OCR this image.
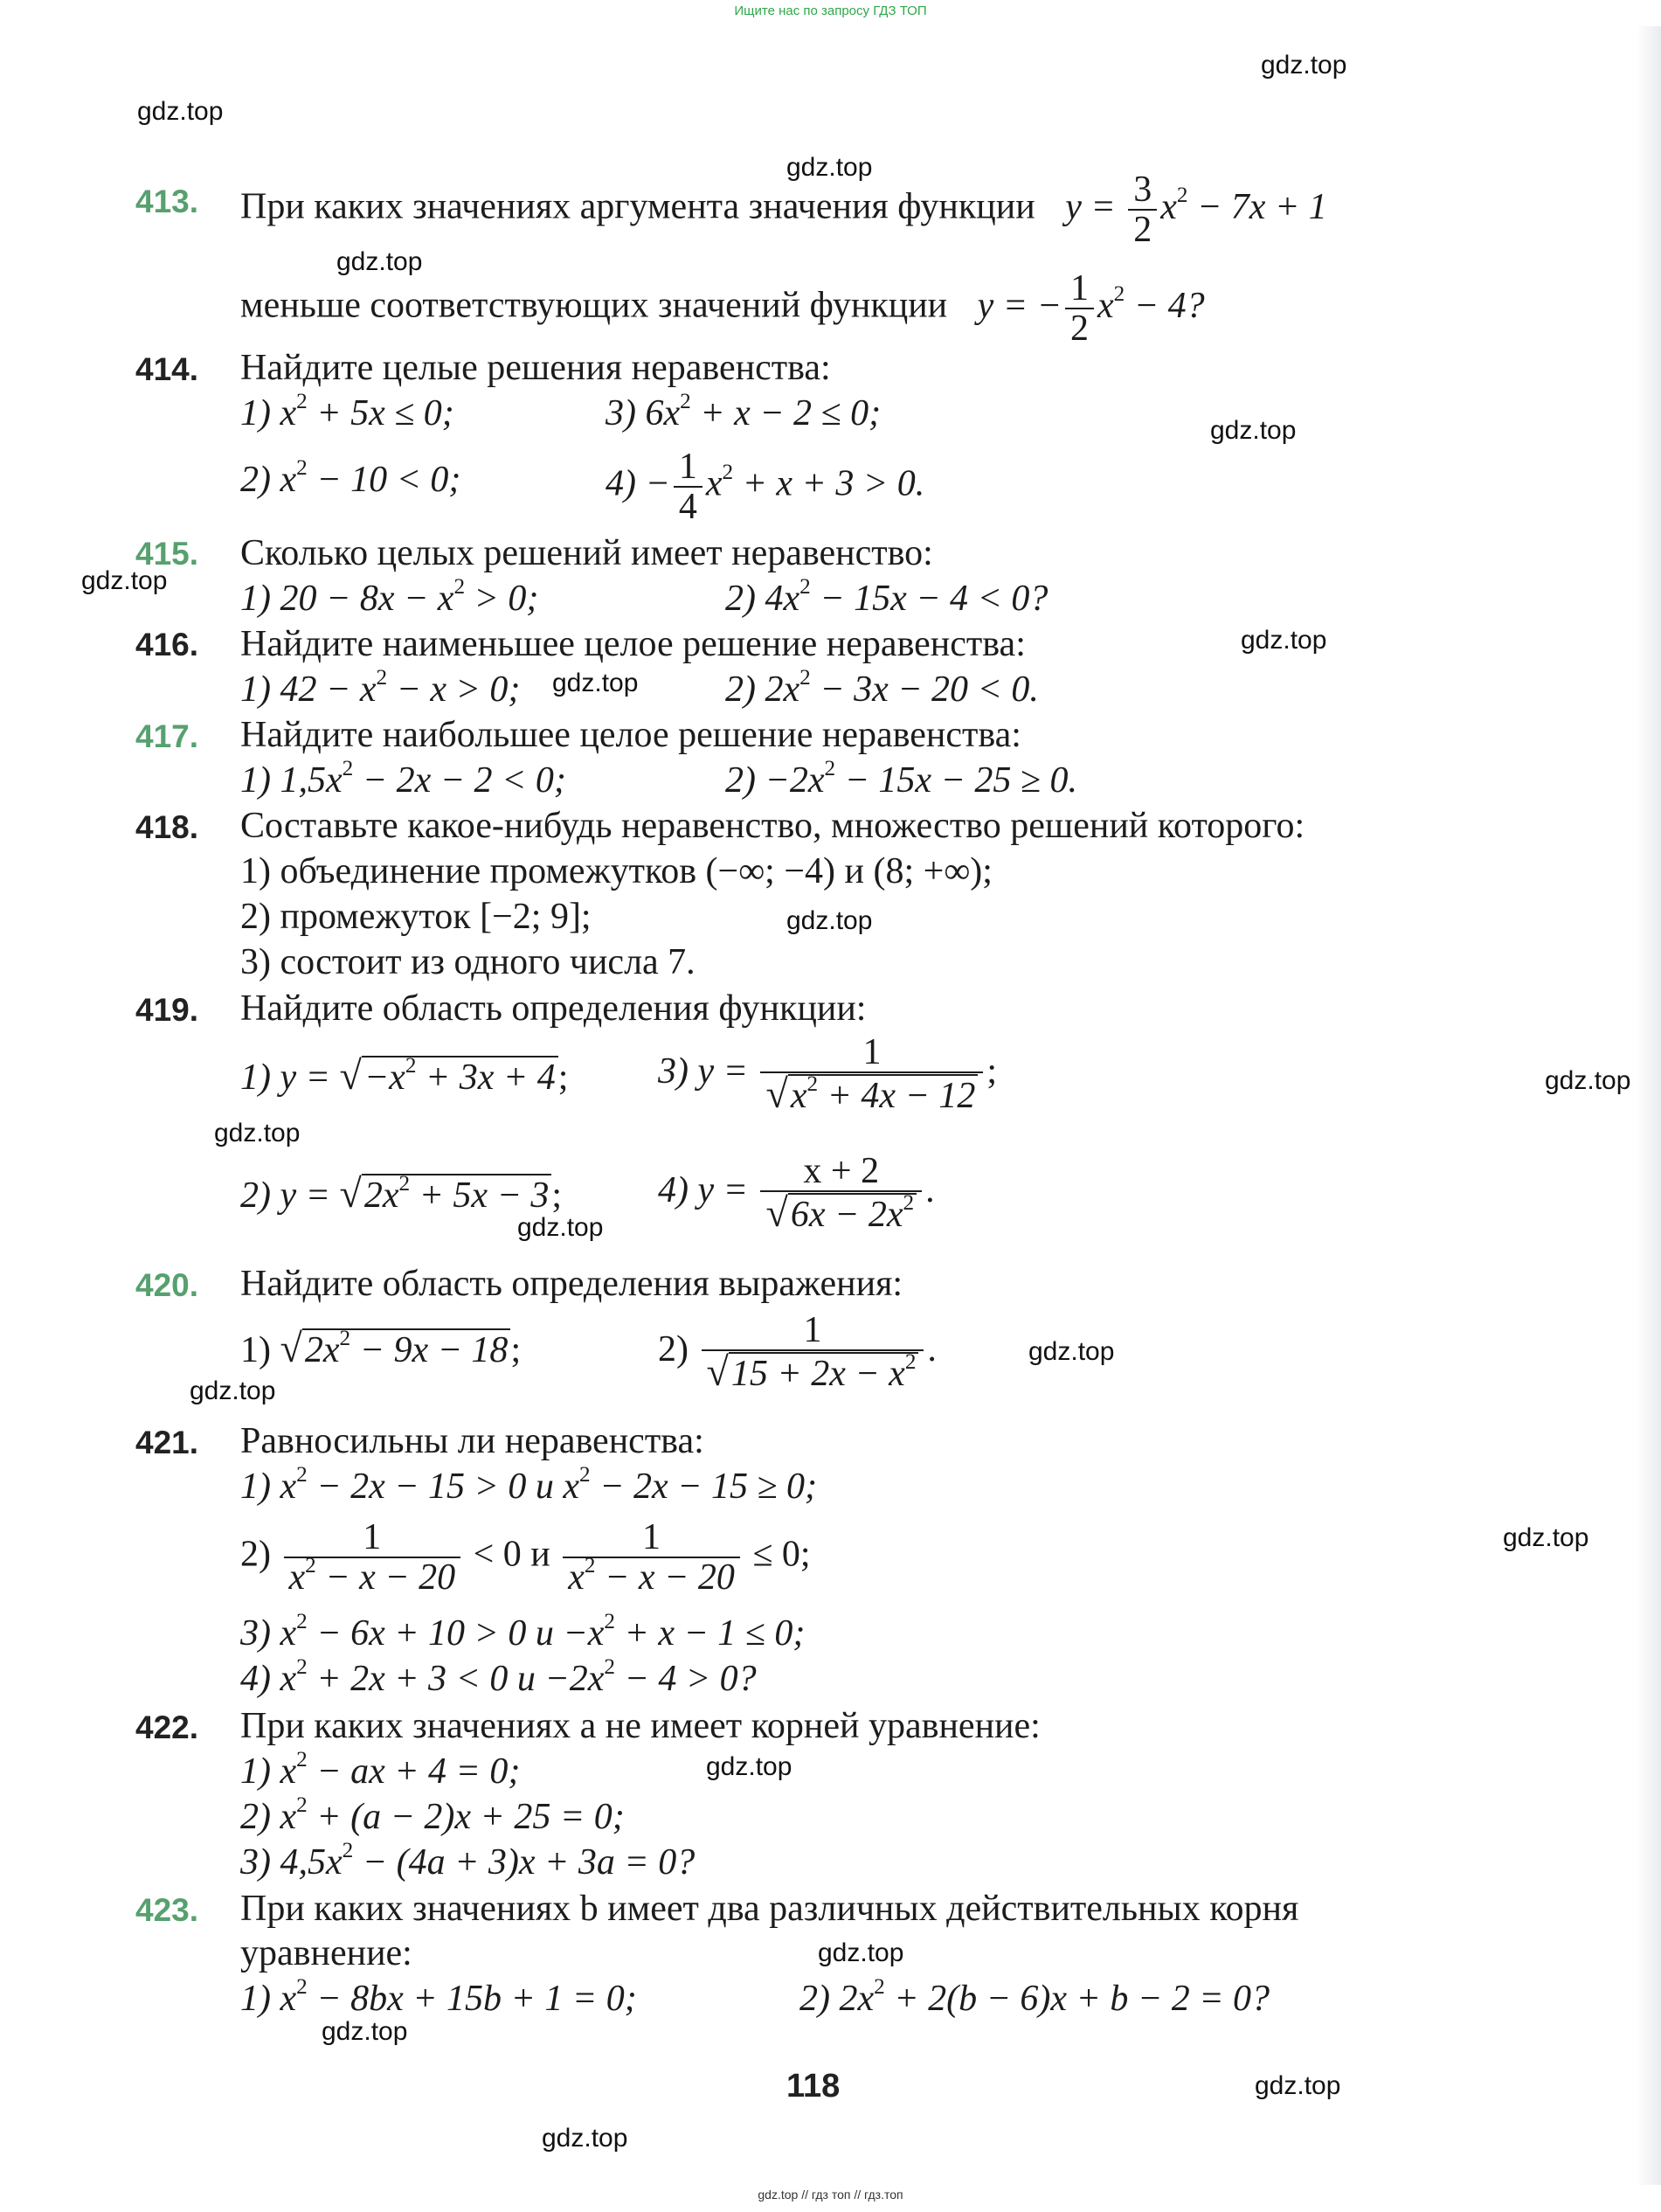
Ищите нас по запросу ГДЗ ТОП
gdz.top
gdz.top
gdz.top
gdz.top
gdz.top
gdz.top
gdz.top
gdz.top
gdz.top
gdz.top
gdz.top
gdz.top
gdz.top
gdz.top
gdz.top
gdz.top
gdz.top
gdz.top
gdz.top
gdz.top
413. При каких значениях аргумента значения функции $y = \frac{3}{2} x^2 - 7x + 1$
меньше соответствующих значений функции y = − $\frac{1}{2} x^2 - 4$?
414. Найдите целые решения неравенства:
1) $x^2 + 5x \le 0$;	3) $6x^2 + x - 2 \le 0$;
2) $x^2 - 10 < 0$;	$4) - \frac{1}{4} x^2 + x + 3 > 0$.
415. Сколько целых решений имеет неравенство:
1) $20 - 8x - x^2 > 0$;	2) $4x^2 - 15x - 4 < 0$?
416. Найдите наименьшее целое решение неравенства:
1) $42 - x^2 - x > 0$;	2) $2x^2 - 3x - 20 < 0$.
417. Найдите наибольшее целое решение неравенства:
1) $1,5x^2 - 2x - 2 < 0$;	$2) -2x^2 - 15x - 25 \ge 0$.
418. Составьте какое-нибудь неравенство, множество решений которого:
1) объединение промежутков (−∞; −4) и (8; +∞);
2) промежуток [−2; 9];
3) состоит из одного числа 7.
419. Найдите область определения функции:
1) $y = √-x^2 + 3x + 4$; 3) $y = \frac{1}{√x^2 + 4x - 12}$ ;
2) $y = √2x^2 + 5x - 3$;	4) $y = \frac{x + 2}{√6x - 2x^2}$ .
420. Найдите область определения выражения:
1) $√2x^2 - 9x - 18$;	$2) \frac{1}{√15 + 2x - x^2}$ .
421. Равносильны ли неравенства:
1) $x^2 - 2x - 15 > 0$ и $x^2 - 2x - 15 \ge 0$;
$2) \frac{1}{x^2 - x - 20} < 0$ и $\frac{1}{x^2 - x - 20} \le 0$;
3) $x^2 - 6x + 10 > 0$ $и -x^2 + x - 1 \le 0$;
4) $x^2 + 2x + 3 < 0$ $и -2x^2 - 4 > 0$?
422. При каких значениях a не имеет корней уравнение:
1) $x^2$ − ax + 4 = 0;
2) $x^2 + (a - 2)x + 25 = 0$;
3) $4,5x^2 - (4a + 3)x + 3a = 0$?
423. При каких значениях b имеет два различных действительных корня
уравнение:
1) $x^2 - 8bx + 15b + 1 = 0$;	2) $2x^2 + 2(b - 6)x + b - 2 = 0$?
118
gdz.top // гдз топ // гдз.топ
